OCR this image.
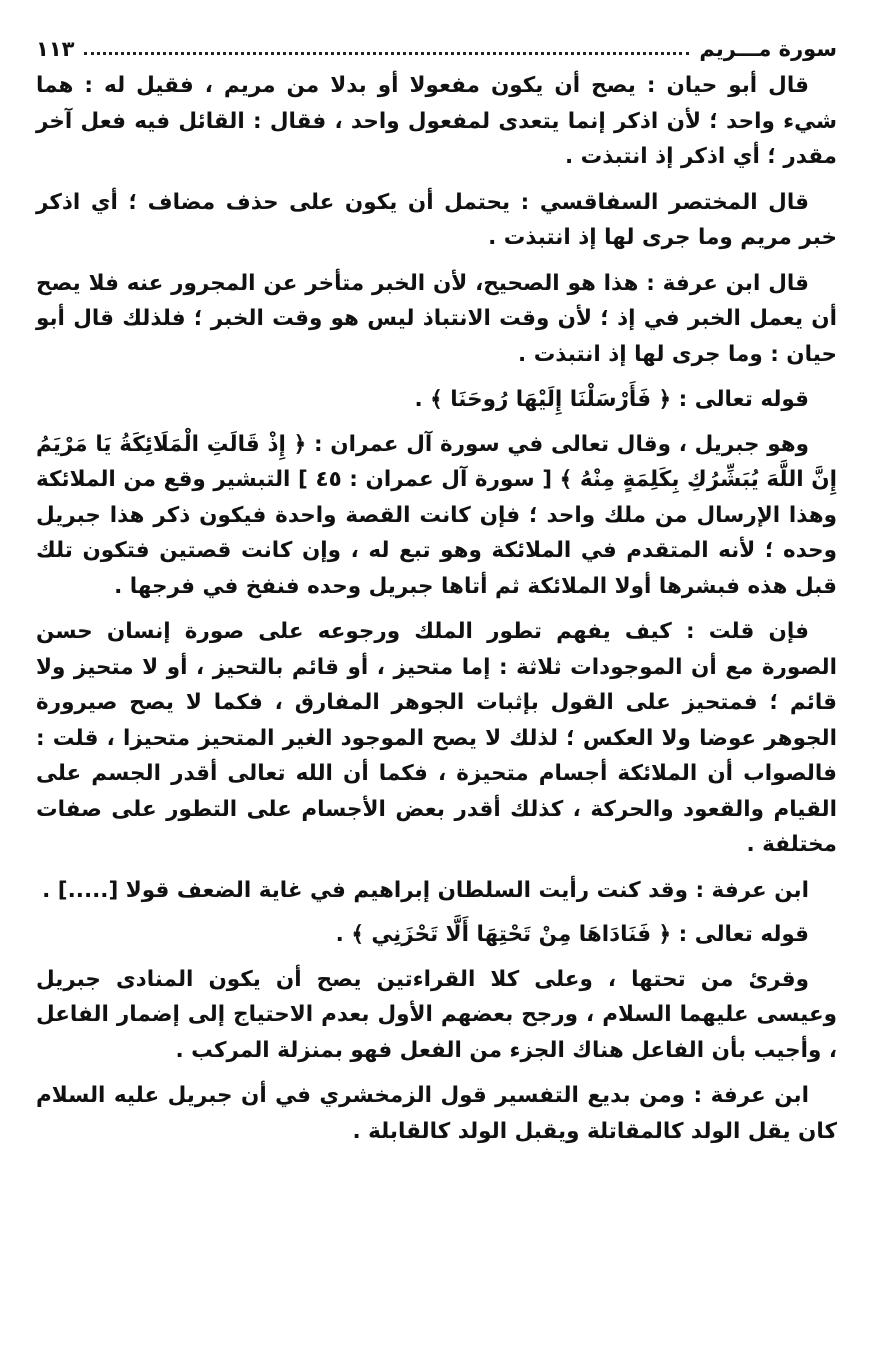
سورة مـــريم
١١٣

قال أبو حيان : يصح أن يكون مفعولا أو بدلا من مريم ، فقيل له : هما شيء واحد ؛ لأن اذكر إنما يتعدى لمفعول واحد ، فقال : القائل فيه فعل آخر مقدر ؛ أي اذكر إذ انتبذت .

قال المختصر السفاقسي : يحتمل أن يكون على حذف مضاف ؛ أي اذكر خبر مريم وما جرى لها إذ انتبذت .

قال ابن عرفة : هذا هو الصحيح، لأن الخبر متأخر عن المجرور عنه فلا يصح أن يعمل الخبر في إذ ؛ لأن وقت الانتباذ ليس هو وقت الخبر ؛ فلذلك قال أبو حيان : وما جرى لها إذ انتبذت .

قوله تعالى : ﴿ فَأَرْسَلْنَا إِلَيْهَا رُوحَنَا ﴾ .

وهو جبريل ، وقال تعالى في سورة آل عمران : ﴿ إِذْ قَالَتِ الْمَلَائِكَةُ يَا مَرْيَمُ إِنَّ اللَّهَ يُبَشِّرُكِ بِكَلِمَةٍ مِنْهُ ﴾ [ سورة آل عمران : ٤٥ ] التبشير وقع من الملائكة وهذا الإرسال من ملك واحد ؛ فإن كانت القصة واحدة فيكون ذكر هذا جبريل وحده ؛ لأنه المتقدم في الملائكة وهو تبع له ، وإن كانت قصتين فتكون تلك قبل هذه فبشرها أولا الملائكة ثم أتاها جبريل وحده فنفخ في فرجها .

فإن قلت : كيف يفهم تطور الملك ورجوعه على صورة إنسان حسن الصورة مع أن الموجودات ثلاثة : إما متحيز ، أو قائم بالتحيز ، أو لا متحيز ولا قائم ؛ فمتحيز على القول بإثبات الجوهر المفارق ، فكما لا يصح صيرورة الجوهر عوضا ولا العكس ؛ لذلك لا يصح الموجود الغير المتحيز متحيزا ، قلت : فالصواب أن الملائكة أجسام متحيزة ، فكما أن الله تعالى أقدر الجسم على القيام والقعود والحركة ، كذلك أقدر بعض الأجسام على التطور على صفات مختلفة .

ابن عرفة : وقد كنت رأيت السلطان إبراهيم في غاية الضعف قولا [.....] .

قوله تعالى : ﴿ فَنَادَاهَا مِنْ تَحْتِهَا أَلَّا تَحْزَنِي ﴾ .

وقرئ من تحتها ، وعلى كلا القراءتين يصح أن يكون المنادى جبريل وعيسى عليهما السلام ، ورجح بعضهم الأول بعدم الاحتياج إلى إضمار الفاعل ، وأجيب بأن الفاعل هناك الجزء من الفعل فهو بمنزلة المركب .

ابن عرفة : ومن بديع التفسير قول الزمخشري في أن جبريل عليه السلام كان يقل الولد كالمقاتلة ويقبل الولد كالقابلة .
